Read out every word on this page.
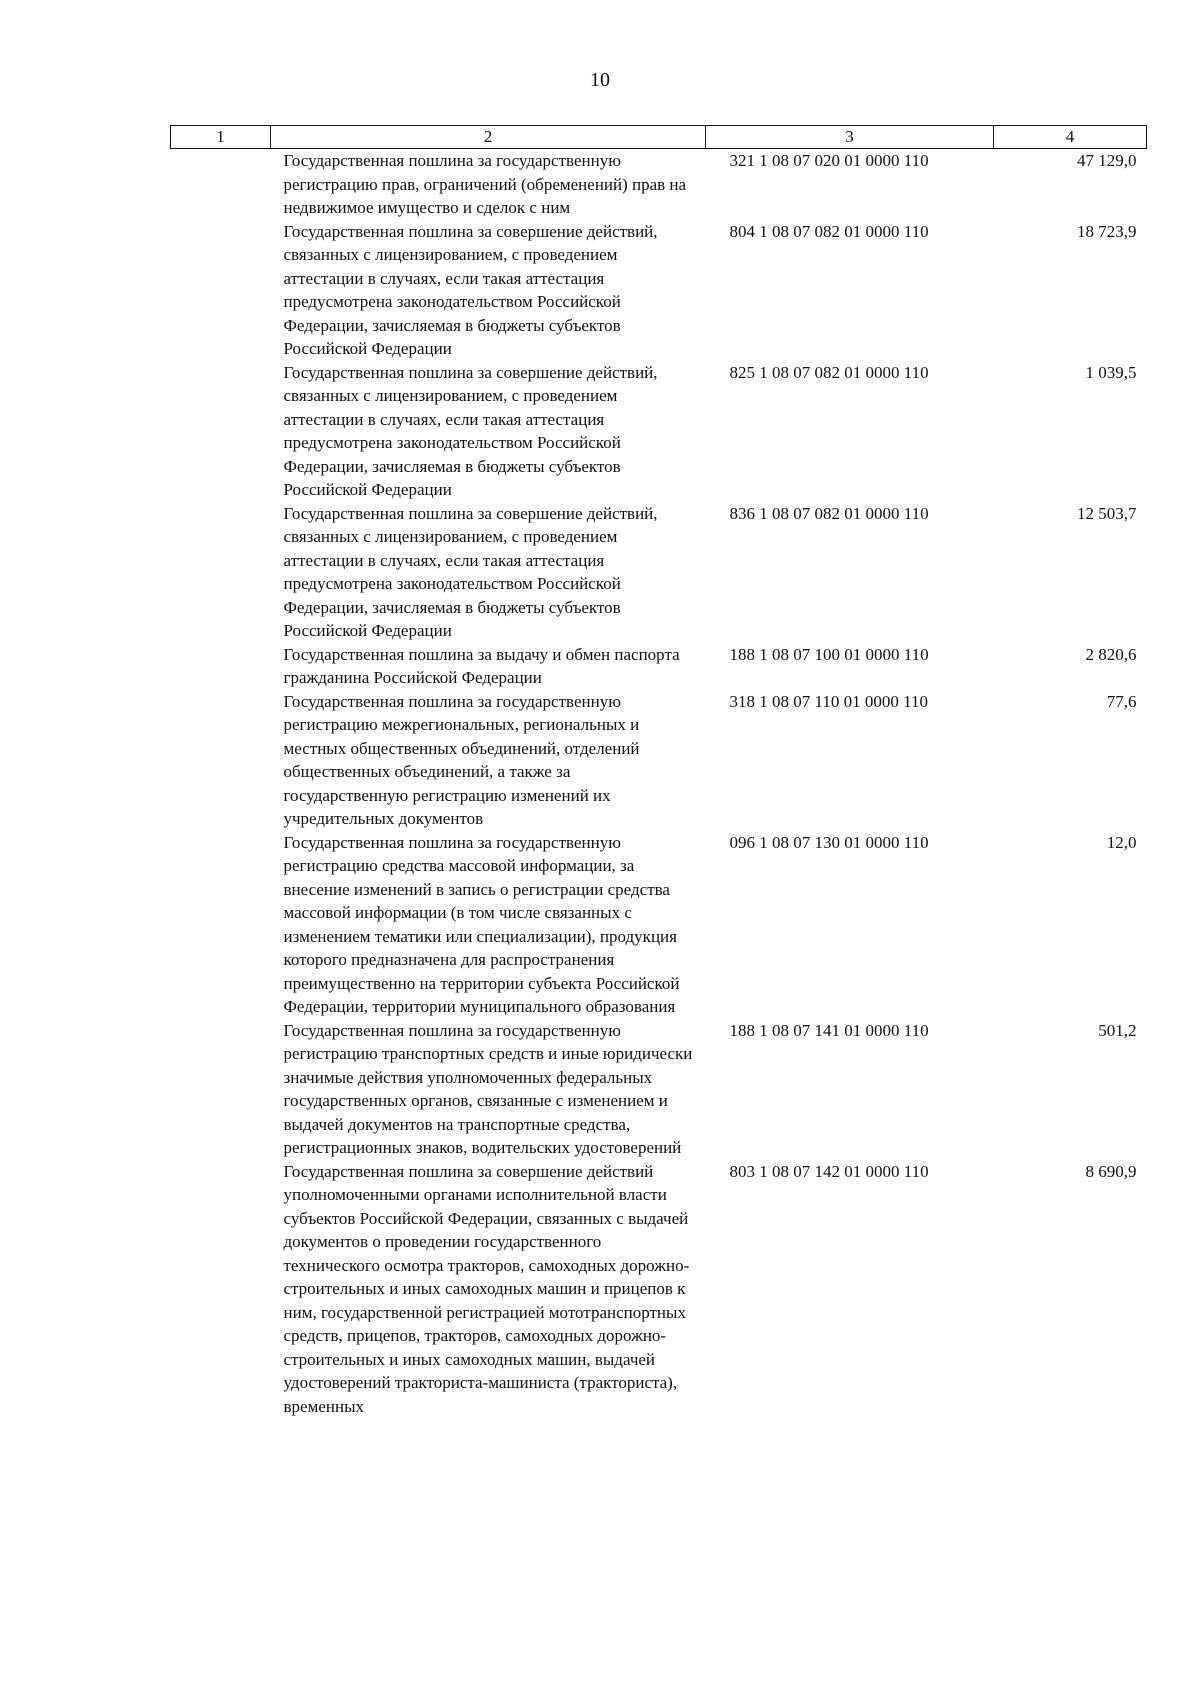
10
1	2	3	4
	Государственная пошлина за государственную регистрацию прав, ограничений (обременений) прав на недвижимое имущество и сделок с ним	321 1 08 07 020 01 0000 110	47 129,0
	Государственная пошлина за совершение действий, связанных с лицензированием, с проведением аттестации в случаях, если такая аттестация предусмотрена законодательством Российской Федерации, зачисляемая в бюджеты субъектов Российской Федерации	804 1 08 07 082 01 0000 110	18 723,9
	Государственная пошлина за совершение действий, связанных с лицензированием, с проведением аттестации в случаях, если такая аттестация предусмотрена законодательством Российской Федерации, зачисляемая в бюджеты субъектов Российской Федерации	825 1 08 07 082 01 0000 110	1 039,5
	Государственная пошлина за совершение действий, связанных с лицензированием, с проведением аттестации в случаях, если такая аттестация предусмотрена законодательством Российской Федерации, зачисляемая в бюджеты субъектов Российской Федерации	836 1 08 07 082 01 0000 110	12 503,7
	Государственная пошлина за выдачу и обмен паспорта гражданина Российской Федерации	188 1 08 07 100 01 0000 110	2 820,6
	Государственная пошлина за государственную регистрацию межрегиональных, региональных и местных общественных объединений, отделений общественных объединений, а также за государственную регистрацию изменений их учредительных документов	318 1 08 07 110 01 0000 110	77,6
	Государственная пошлина за государственную регистрацию средства массовой информации, за внесение изменений в запись о регистрации средства массовой информации (в том числе связанных с изменением тематики или специализации), продукция которого предназначена для распространения преимущественно на территории субъекта Российской Федерации, территории муниципального образования	096 1 08 07 130 01 0000 110	12,0
	Государственная пошлина за государственную регистрацию транспортных средств и иные юридически значимые действия уполномоченных федеральных государственных органов, связанные с изменением и выдачей документов на транспортные средства, регистрационных знаков, водительских удостоверений	188 1 08 07 141 01 0000 110	501,2
	Государственная пошлина за совершение действий уполномоченными органами исполнительной власти субъектов Российской Федерации, связанных с выдачей документов о проведении государственного технического осмотра тракторов, самоходных дорожно-строительных и иных самоходных машин и прицепов к ним, государственной регистрацией мототранспортных средств, прицепов, тракторов, самоходных дорожно-строительных и иных самоходных машин, выдачей удостоверений тракториста-машиниста (тракториста), временных	803 1 08 07 142 01 0000 110	8 690,9
